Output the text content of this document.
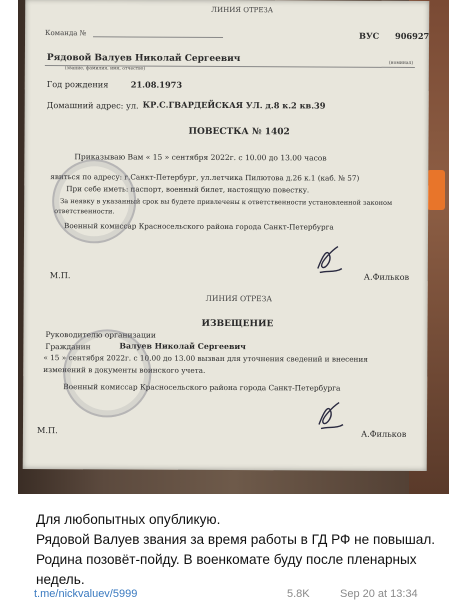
ЛИНИЯ ОТРЕЗА
Команда №	ВУС 906927
Рядовой Валуев Николай Сергеевич
(звание, фамилия, имя, отчество)
(номинал)
Год рождения	21.08.1973
Домашний адрес: ул. КР.С.ГВАРДЕЙСКАЯ УЛ. д.8 к.2 кв.39
ПОВЕСТКА № 1402
Приказываю Вам « 15 » сентября 2022г. с 10.00 до 13.00 часов
явиться по адресу: г.Санкт-Петербург, ул.летчика Пилютова д.26 к.1 (каб. № 57)
При себе иметь: паспорт, военный билет, настоящую повестку.
За неявку в указанный срок вы будете привлечены к ответственности установленной законом
ответственности.
Военный комиссар Красносельского района города Санкт-Петербурга
М.П.	А.Фильков
ЛИНИЯ ОТРЕЗА
ИЗВЕЩЕНИЕ
Руководителю организации
Гражданин	Валуев Николай Сергеевич
« 15 » сентября 2022г. с 10.00 до 13.00 вызван для уточнения сведений и внесения
изменений в документы воинского учета.
Военный комиссар Красносельского района города Санкт-Петербурга
М.П.	А.Фильков

Для любопытных опубликую.

Рядовой Валуев звания за время работы в ГД РФ не повышал. Родина позовёт-пойду. В военкомате буду после пленарных недель.

t.me/nickvaluev/5999	5.8K	Sep 20 at 13:34
